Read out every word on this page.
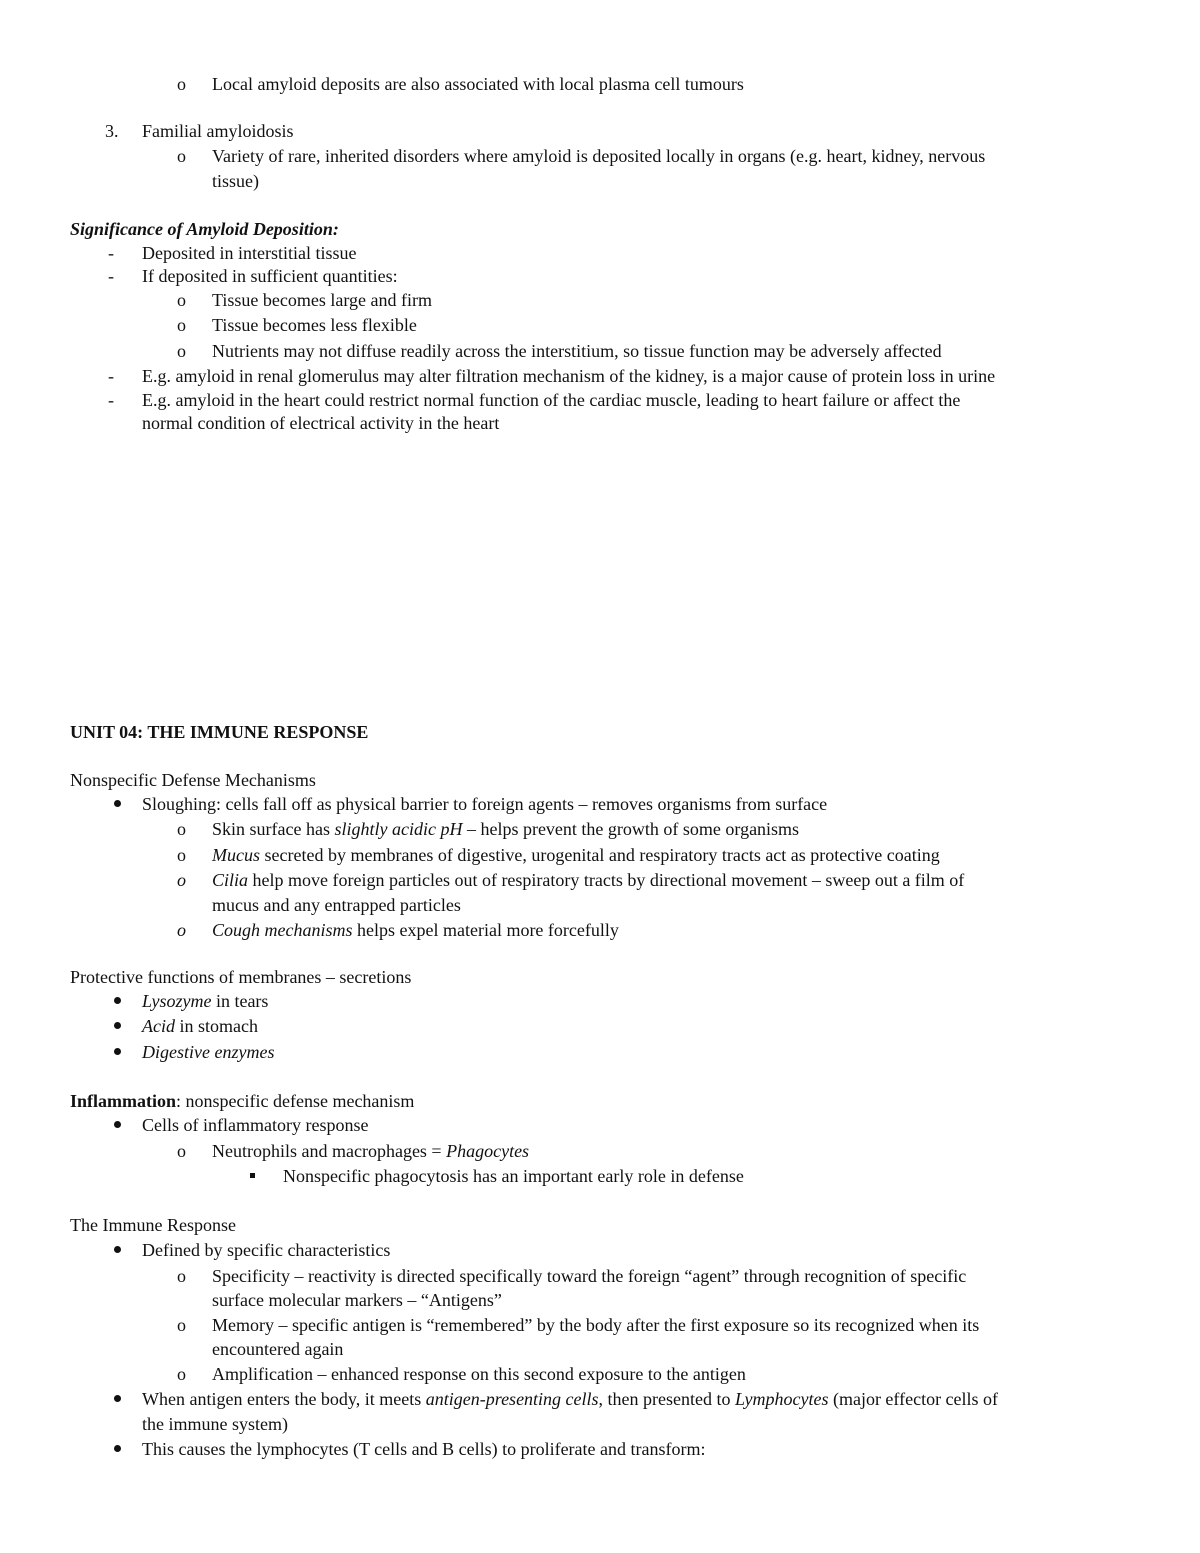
o Local amyloid deposits are also associated with local plasma cell tumours
3. Familial amyloidosis
o Variety of rare, inherited disorders where amyloid is deposited locally in organs (e.g. heart, kidney, nervous
tissue)
Significance of Amyloid Deposition:
- Deposited in interstitial tissue
- If deposited in sufficient quantities:
o Tissue becomes large and firm
o Tissue becomes less flexible
o Nutrients may not diffuse readily across the interstitium, so tissue function may be adversely affected
- E.g. amyloid in renal glomerulus may alter filtration mechanism of the kidney, is a major cause of protein loss in urine
- E.g. amyloid in the heart could restrict normal function of the cardiac muscle, leading to heart failure or affect the
normal condition of electrical activity in the heart
UNIT 04: THE IMMUNE RESPONSE
Nonspecific Defense Mechanisms
Sloughing: cells fall off as physical barrier to foreign agents – removes organisms from surface
o Skin surface has slightly acidic pH – helps prevent the growth of some organisms
o Mucus secreted by membranes of digestive, urogenital and respiratory tracts act as protective coating
o Cilia help move foreign particles out of respiratory tracts by directional movement – sweep out a film of
mucus and any entrapped particles
o Cough mechanisms helps expel material more forcefully
Protective functions of membranes – secretions
Lysozyme in tears
Acid in stomach
Digestive enzymes
Inflammation: nonspecific defense mechanism
Cells of inflammatory response
o Neutrophils and macrophages = Phagocytes
Nonspecific phagocytosis has an important early role in defense
The Immune Response
Defined by specific characteristics
o Specificity – reactivity is directed specifically toward the foreign “agent” through recognition of specific
surface molecular markers – “Antigens”
o Memory – specific antigen is “remembered” by the body after the first exposure so its recognized when its
encountered again
o Amplification – enhanced response on this second exposure to the antigen
When antigen enters the body, it meets antigen-presenting cells, then presented to Lymphocytes (major effector cells of
the immune system)
This causes the lymphocytes (T cells and B cells) to proliferate and transform:
